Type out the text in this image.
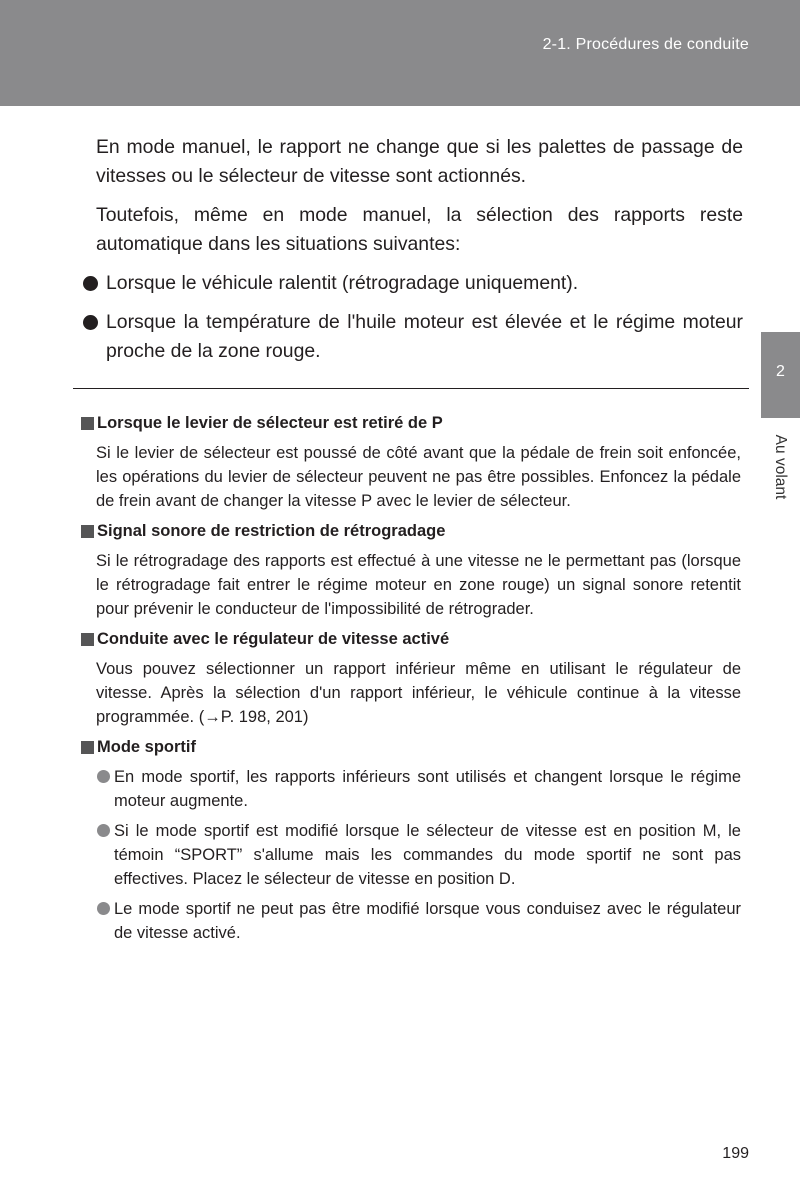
2-1. Procédures de conduite
2
Au volant

En mode manuel, le rapport ne change que si les palettes de passage de vitesses ou le sélecteur de vitesse sont actionnés.

Toutefois, même en mode manuel, la sélection des rapports reste automatique dans les situations suivantes:

Lorsque le véhicule ralentit (rétrogradage uniquement).
Lorsque la température de l'huile moteur est élevée et le régime moteur proche de la zone rouge.
Lorsque le levier de sélecteur est retiré de P
Si le levier de sélecteur est poussé de côté avant que la pédale de frein soit enfoncée, les opérations du levier de sélecteur peuvent ne pas être possibles. Enfoncez la pédale de frein avant de changer la vitesse P avec le levier de sélecteur.
Signal sonore de restriction de rétrogradage
Si le rétrogradage des rapports est effectué à une vitesse ne le permettant pas (lorsque le rétrogradage fait entrer le régime moteur en zone rouge) un signal sonore retentit pour prévenir le conducteur de l'impossibilité de rétrograder.
Conduite avec le régulateur de vitesse activé
Vous pouvez sélectionner un rapport inférieur même en utilisant le régulateur de vitesse. Après la sélection d'un rapport inférieur, le véhicule continue à la vitesse programmée. (→P. 198, 201)
Mode sportif
En mode sportif, les rapports inférieurs sont utilisés et changent lorsque le régime moteur augmente.
Si le mode sportif est modifié lorsque le sélecteur de vitesse est en position M, le témoin “SPORT” s'allume mais les commandes du mode sportif ne sont pas effectives. Placez le sélecteur de vitesse en position D.
Le mode sportif ne peut pas être modifié lorsque vous conduisez avec le régulateur de vitesse activé.
199
